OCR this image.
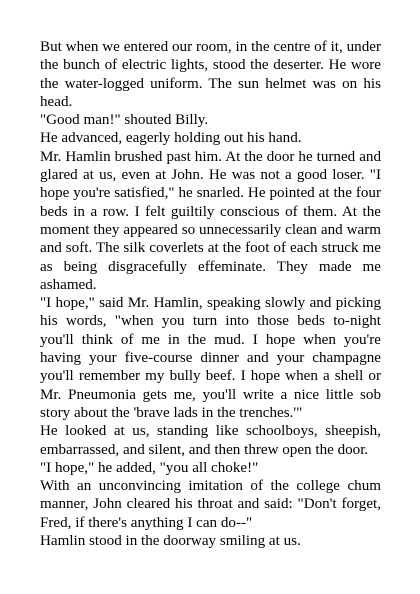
But when we entered our room, in the centre of it, under the bunch of electric lights, stood the deserter. He wore the water-logged uniform. The sun helmet was on his head.

"Good man!" shouted Billy.

He advanced, eagerly holding out his hand.

Mr. Hamlin brushed past him. At the door he turned and glared at us, even at John. He was not a good loser. "I hope you're satisfied," he snarled. He pointed at the four beds in a row. I felt guiltily conscious of them. At the moment they appeared so unnecessarily clean and warm and soft. The silk coverlets at the foot of each struck me as being disgracefully effeminate. They made me ashamed.

"I hope," said Mr. Hamlin, speaking slowly and picking his words, "when you turn into those beds to-night you'll think of me in the mud. I hope when you're having your five-course dinner and your champagne you'll remember my bully beef. I hope when a shell or Mr. Pneumonia gets me, you'll write a nice little sob story about the 'brave lads in the trenches.'"

He looked at us, standing like schoolboys, sheepish, embarrassed, and silent, and then threw open the door.

"I hope," he added, "you all choke!"

With an unconvincing imitation of the college chum manner, John cleared his throat and said: "Don't forget, Fred, if there's anything I can do--"

Hamlin stood in the doorway smiling at us.
